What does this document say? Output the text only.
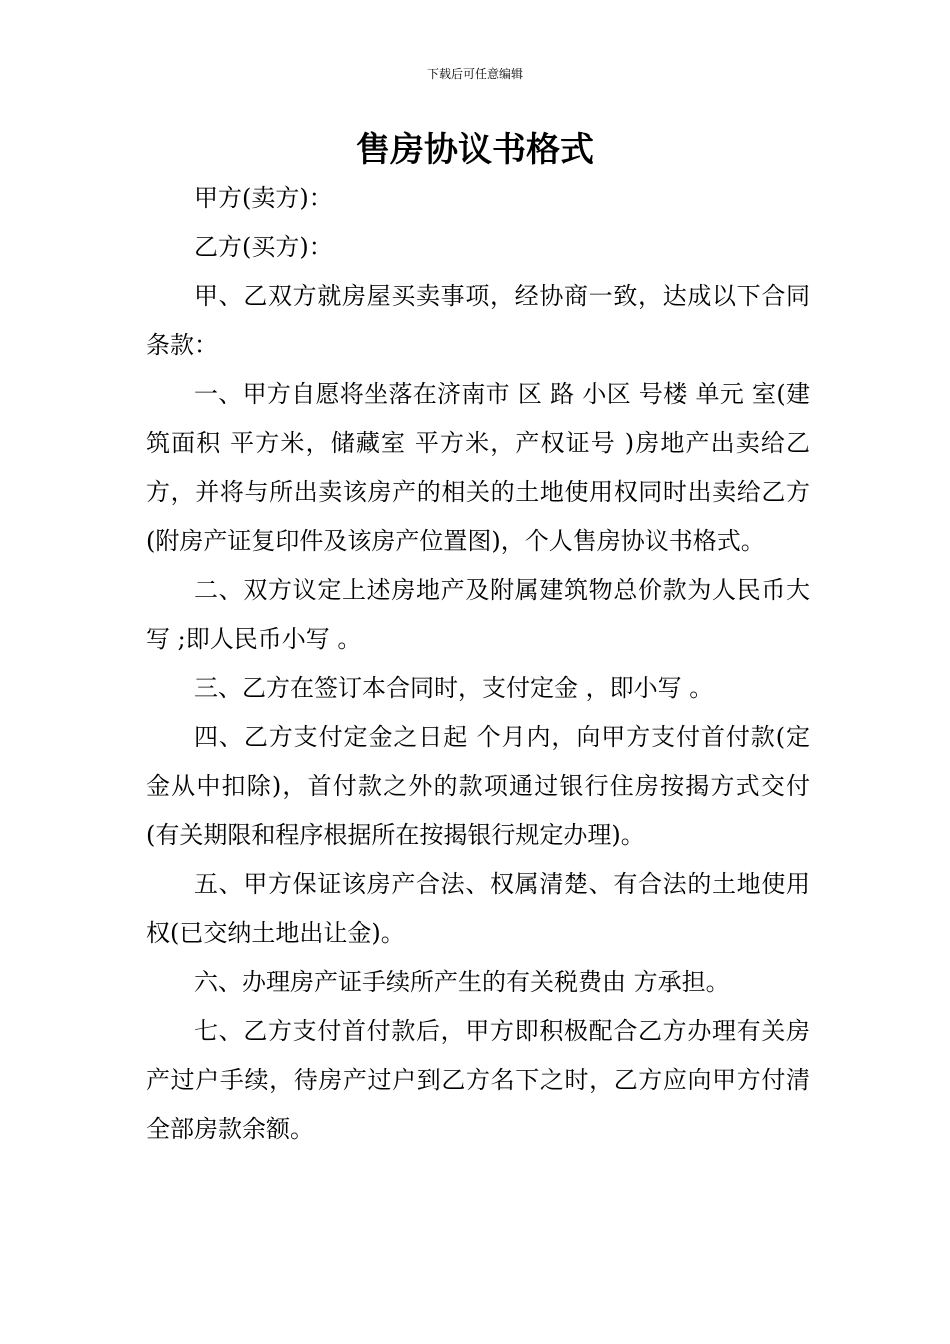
下载后可任意编辑
售房协议书格式

甲方(卖方)：

乙方(买方)：

甲、乙双方就房屋买卖事项，经协商一致，达成以下合同条款：

一、甲方自愿将坐落在济南市 区 路 小区 号楼 单元 室(建筑面积 平方米，储藏室 平方米，产权证号 )房地产出卖给乙方，并将与所出卖该房产的相关的土地使用权同时出卖给乙方(附房产证复印件及该房产位置图)，个人售房协议书格式。

二、双方议定上述房地产及附属建筑物总价款为人民币大写 ;即人民币小写 。

三、乙方在签订本合同时，支付定金 ，即小写 。

四、乙方支付定金之日起 个月内，向甲方支付首付款(定金从中扣除)，首付款之外的款项通过银行住房按揭方式交付(有关期限和程序根据所在按揭银行规定办理)。

五、甲方保证该房产合法、权属清楚、有合法的土地使用权(已交纳土地出让金)。

六、办理房产证手续所产生的有关税费由 方承担。

七、乙方支付首付款后，甲方即积极配合乙方办理有关房产过户手续，待房产过户到乙方名下之时，乙方应向甲方付清全部房款余额。
